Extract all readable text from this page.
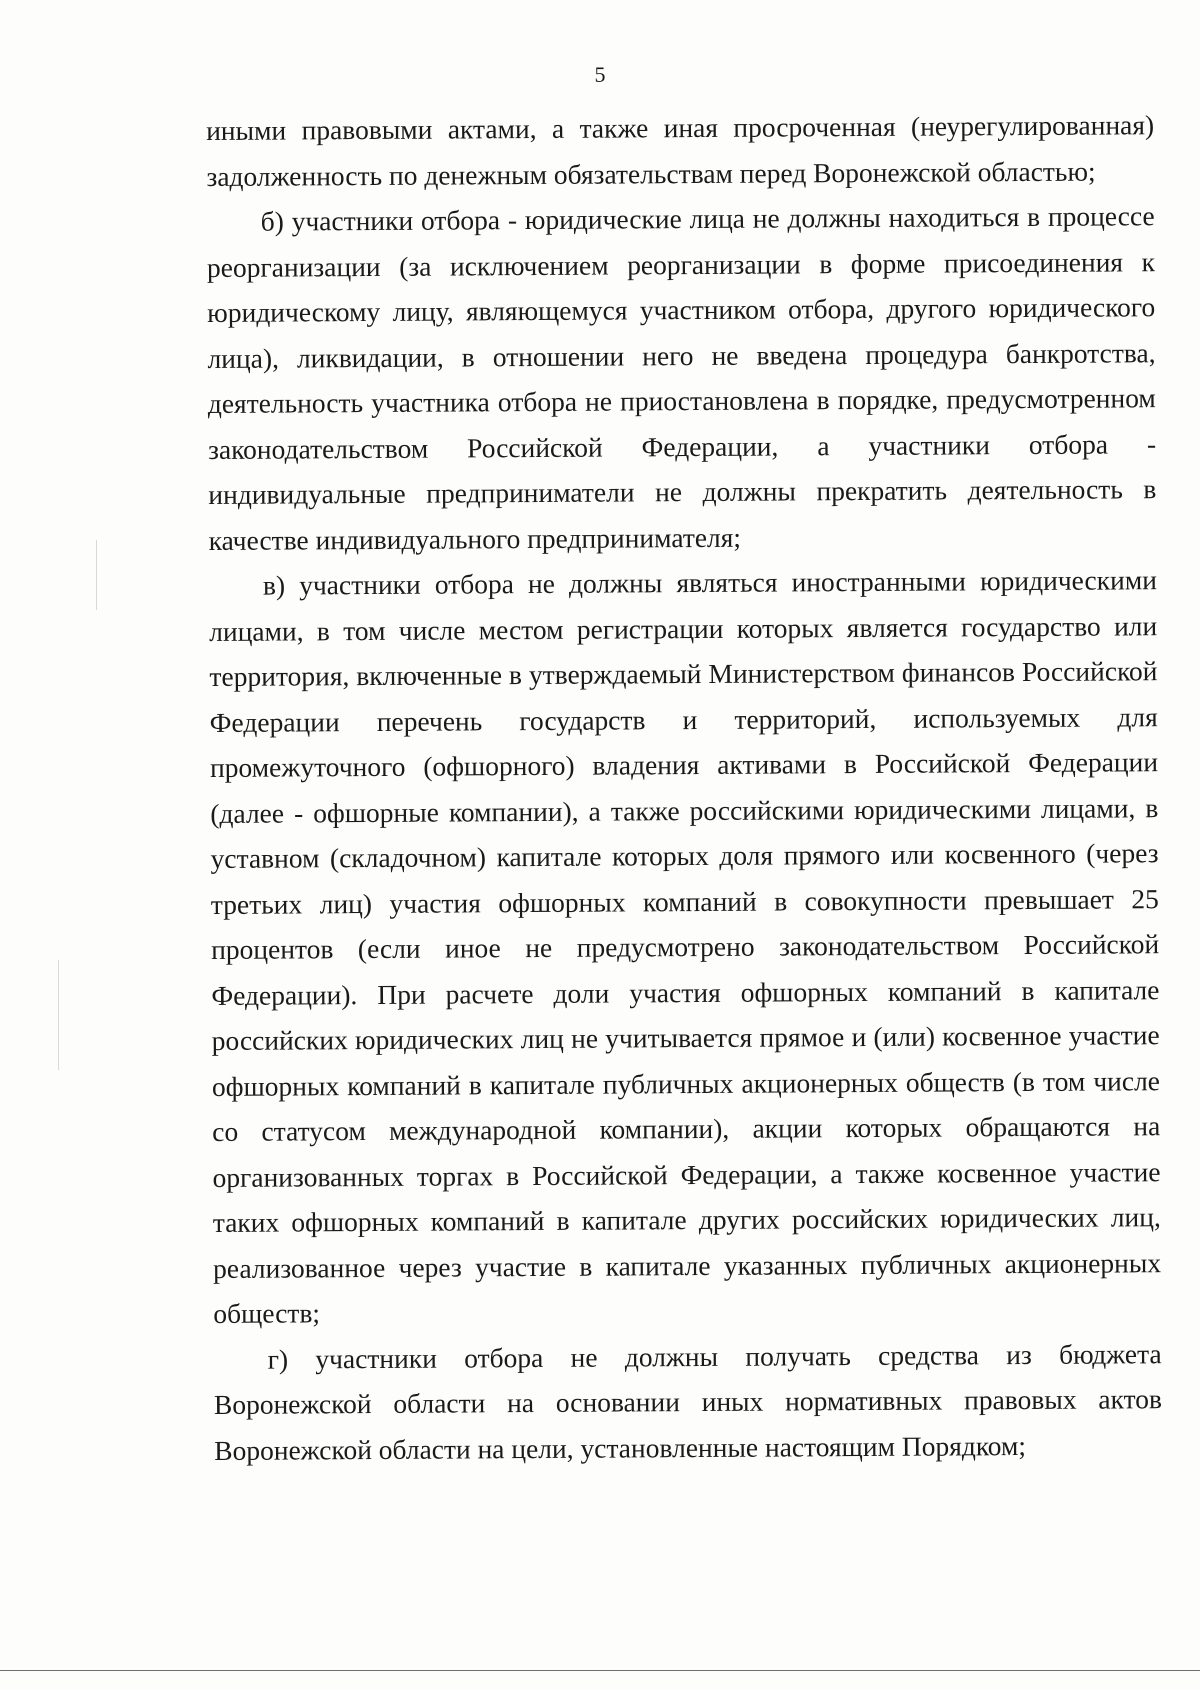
5

иными правовыми актами, а также иная просроченная (неурегулированная) задолженность по денежным обязательствам перед Воронежской областью;

б) участники отбора - юридические лица не должны находиться в процессе реорганизации (за исключением реорганизации в форме присоединения к юридическому лицу, являющемуся участником отбора, другого юридического лица), ликвидации, в отношении него не введена процедура банкротства, деятельность участника отбора не приостановлена в порядке, предусмотренном законодательством Российской Федерации, а участники отбора - индивидуальные предприниматели не должны прекратить деятельность в качестве индивидуального предпринимателя;

в) участники отбора не должны являться иностранными юридическими лицами, в том числе местом регистрации которых является государство или территория, включенные в утверждаемый Министерством финансов Российской Федерации перечень государств и территорий, используемых для промежуточного (офшорного) владения активами в Российской Федерации (далее - офшорные компании), а также российскими юридическими лицами, в уставном (складочном) капитале которых доля прямого или косвенного (через третьих лиц) участия офшорных компаний в совокупности превышает 25 процентов (если иное не предусмотрено законодательством Российской Федерации). При расчете доли участия офшорных компаний в капитале российских юридических лиц не учитывается прямое и (или) косвенное участие офшорных компаний в капитале публичных акционерных обществ (в том числе со статусом международной компании), акции которых обращаются на организованных торгах в Российской Федерации, а также косвенное участие таких офшорных компаний в капитале других российских юридических лиц, реализованное через участие в капитале указанных публичных акционерных обществ;

г) участники отбора не должны получать средства из бюджета Воронежской области на основании иных нормативных правовых актов Воронежской области на цели, установленные настоящим Порядком;
